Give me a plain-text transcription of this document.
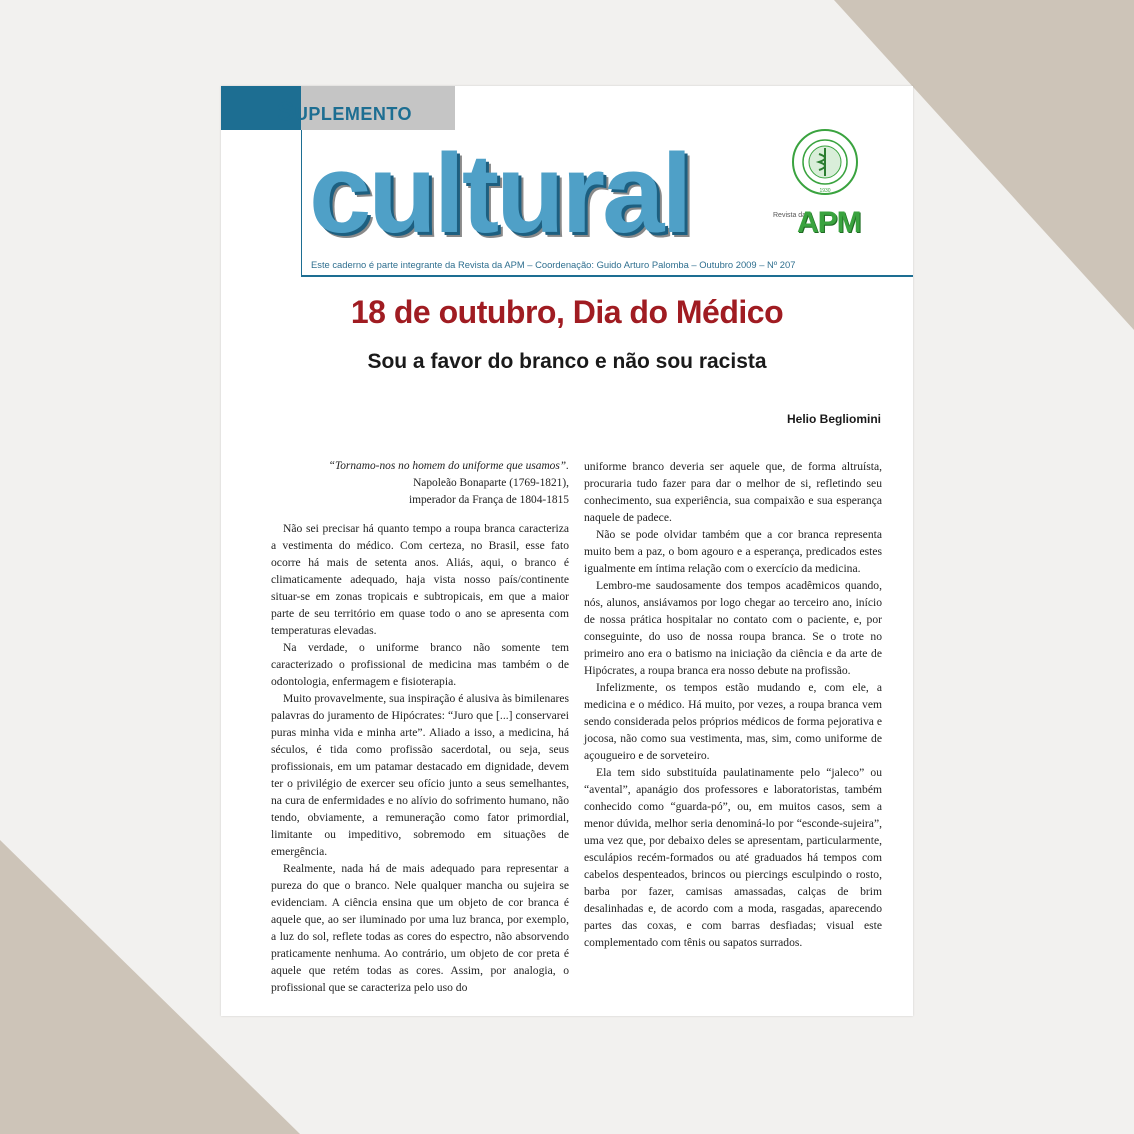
Suplemento
cultural	1930
Revista da
APM
Este caderno é parte integrante da Revista da APM – Coordenação: Guido Arturo Palomba – Outubro 2009 – Nº 207
18 de outubro, Dia do Médico
Sou a favor do branco e não sou racista
Helio Begliomini
“Tornamo-nos no homem do uniforme que usamos”.
Napoleão Bonaparte (1769-1821),
imperador da França de 1804-1815

Não sei precisar há quanto tempo a roupa branca caracteriza a vestimenta do médico. Com certeza, no Brasil, esse fato ocorre há mais de setenta anos. Aliás, aqui, o branco é climaticamente adequado, haja vista nosso país/continente situar-se em zonas tropicais e subtropicais, em que a maior parte de seu território em quase todo o ano se apresenta com temperaturas elevadas.

Na verdade, o uniforme branco não somente tem caracterizado o profissional de medicina mas também o de odontologia, enfermagem e fisioterapia.

Muito provavelmente, sua inspiração é alusiva às bimilenares palavras do juramento de Hipócrates: “Juro que [...] conservarei puras minha vida e minha arte”. Aliado a isso, a medicina, há séculos, é tida como profissão sacerdotal, ou seja, seus profissionais, em um patamar destacado em dignidade, devem ter o privilégio de exercer seu ofício junto a seus semelhantes, na cura de enfermidades e no alívio do sofrimento humano, não tendo, obviamente, a remuneração como fator primordial, limitante ou impeditivo, sobremodo em situações de emergência.

Realmente, nada há de mais adequado para representar a pureza do que o branco. Nele qualquer mancha ou sujeira se evidenciam. A ciência ensina que um objeto de cor branca é aquele que, ao ser iluminado por uma luz branca, por exemplo, a luz do sol, reflete todas as cores do espectro, não absorvendo praticamente nenhuma. Ao contrário, um objeto de cor preta é aquele que retém todas as cores. Assim, por analogia, o profissional que se caracteriza pelo uso do

uniforme branco deveria ser aquele que, de forma altruísta, procuraria tudo fazer para dar o melhor de si, refletindo seu conhecimento, sua experiência, sua compaixão e sua esperança naquele de padece.

Não se pode olvidar também que a cor branca representa muito bem a paz, o bom agouro e a esperança, predicados estes igualmente em íntima relação com o exercício da medicina.

Lembro-me saudosamente dos tempos acadêmicos quando, nós, alunos, ansiávamos por logo chegar ao terceiro ano, início de nossa prática hospitalar no contato com o paciente, e, por conseguinte, do uso de nossa roupa branca. Se o trote no primeiro ano era o batismo na iniciação da ciência e da arte de Hipócrates, a roupa branca era nosso debute na profissão.

Infelizmente, os tempos estão mudando e, com ele, a medicina e o médico. Há muito, por vezes, a roupa branca vem sendo considerada pelos próprios médicos de forma pejorativa e jocosa, não como sua vestimenta, mas, sim, como uniforme de açougueiro e de sorveteiro.

Ela tem sido substituída paulatinamente pelo “jaleco” ou “avental”, apanágio dos professores e laboratoristas, também conhecido como “guarda-pó”, ou, em muitos casos, sem a menor dúvida, melhor seria denominá-lo por “esconde-sujeira”, uma vez que, por debaixo deles se apresentam, particularmente, esculápios recém-formados ou até graduados há tempos com cabelos despenteados, brincos ou piercings esculpindo o rosto, barba por fazer, camisas amassadas, calças de brim desalinhadas e, de acordo com a moda, rasgadas, aparecendo partes das coxas, e com barras desfiadas; visual este complementado com tênis ou sapatos surrados.
